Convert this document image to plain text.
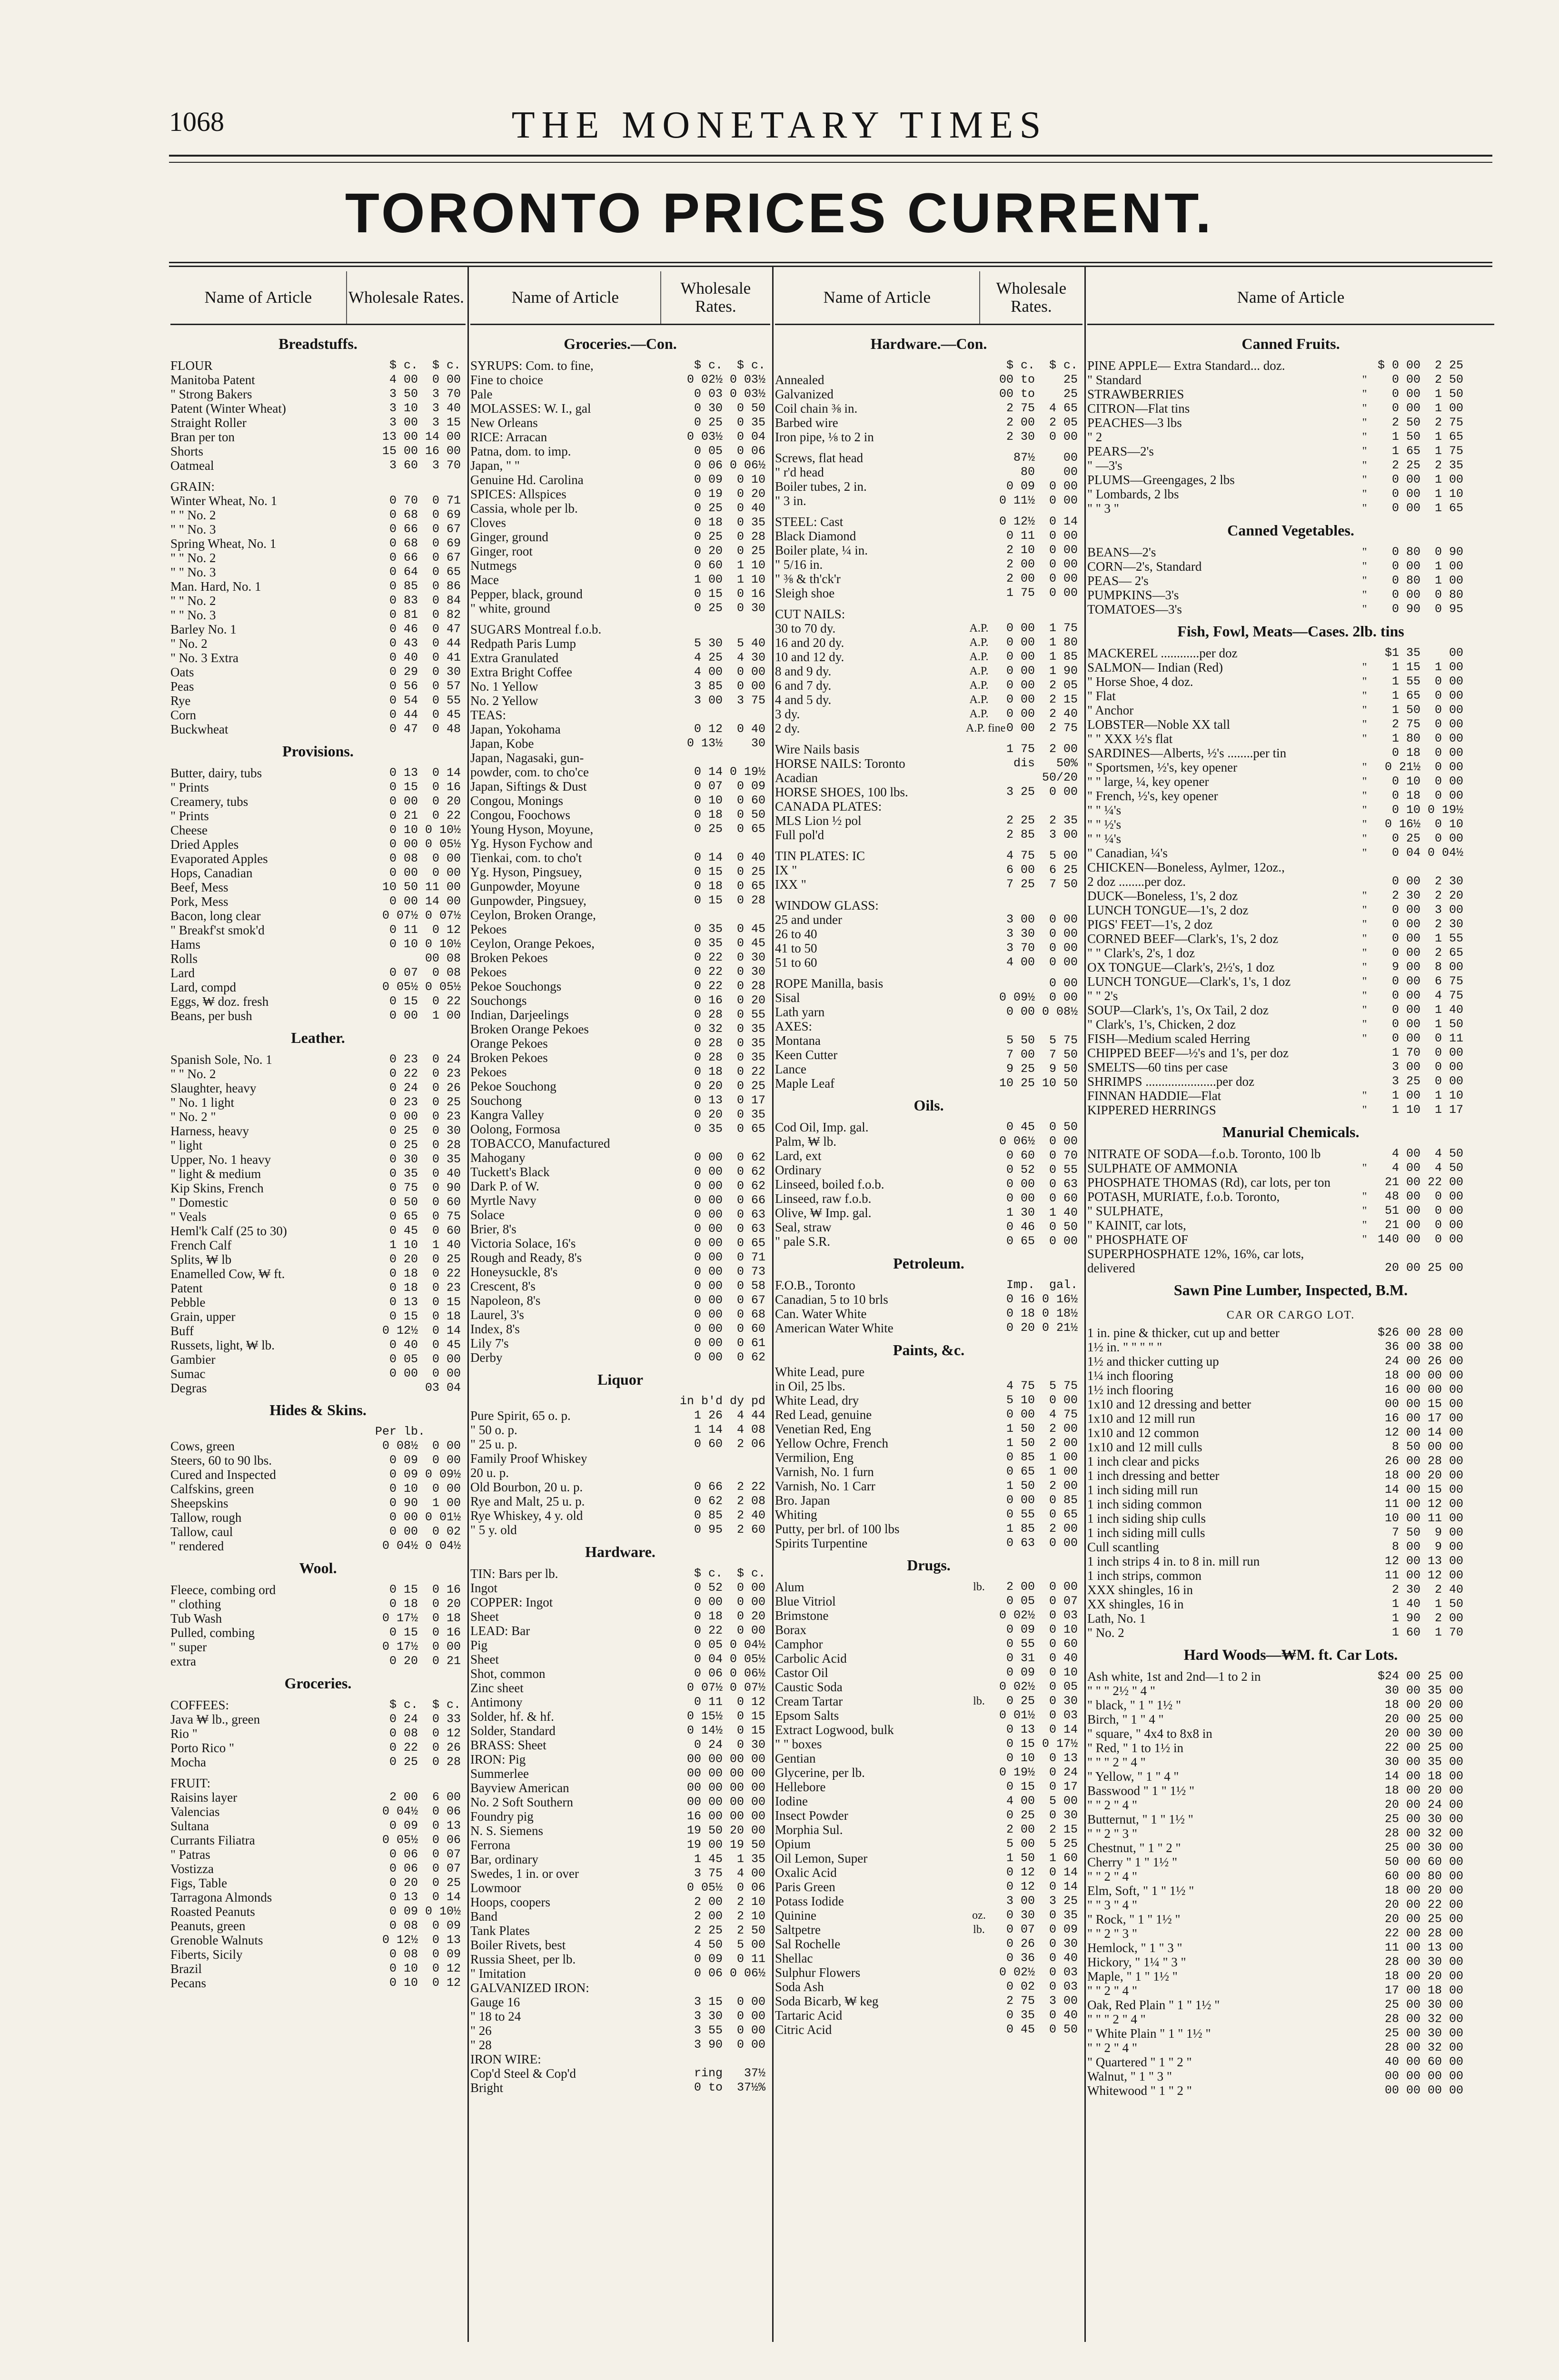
1068	THE MONETARY TIMES
TORONTO PRICES CURRENT.
Name of Article	Wholesale Rates.
Breadstuffs.
FLOUR	$ c.	$ c.
Manitoba Patent	4 00	0 00
" Strong Bakers	3 50	3 70
Patent (Winter Wheat)	3 10	3 40
Straight Roller	3 00	3 15
Bran per ton	13 00 14 00
Shorts	15 00 16 00
Oatmeal	3 60	3 70
GRAIN:
Winter Wheat, No. 1	0 70	0 71
" " No. 2	0 68	0 69
" " No. 3	0 66	0 67
Spring Wheat, No. 1	0 68	0 69
" " No. 2	0 66	0 67
" " No. 3	0 64	0 65
Man. Hard, No. 1	0 85	0 86
" " No. 2	0 83	0 84
" " No. 3	0 81	0 82
Barley No. 1	0 46	0 47
" No. 2	0 43	0 44
" No. 3 Extra	0 40	0 41
Oats	0 29	0 30
Peas	0 56	0 57
Rye	0 54	0 55
Corn	0 44	0 45
Buckwheat	0 47	0 48
Provisions.
Butter, dairy, tubs	0 13	0 14
" Prints	0 15	0 16
Creamery, tubs	0 00	0 20
" Prints	0 21	0 22
Cheese	0 10 0 10½
Dried Apples	0 00 0 05½
Evaporated Apples	0 08	0 00
Hops, Canadian	0 00	0 00
Beef, Mess	10 50 11 00
Pork, Mess	0 00 14 00
Bacon, long clear	0 07½ 0 07½
" Breakf'st smok'd	0 11	0 12
Hams	0 10 0 10½
Rolls	00 08
Lard	0 07	0 08
Lard, compd	0 05½ 0 05½
Eggs, ₩ doz. fresh	0 15	0 22
Beans, per bush	0 00	1 00
Leather.
Spanish Sole, No. 1	0 23	0 24
" " No. 2	0 22	0 23
Slaughter, heavy	0 24	0 26
" No. 1 light	0 23	0 25
" No. 2 "	0 00	0 23
Harness, heavy	0 25	0 30
" light	0 25	0 28
Upper, No. 1 heavy	0 30	0 35
" light & medium	0 35	0 40
Kip Skins, French	0 75	0 90
" Domestic	0 50	0 60
" Veals	0 65	0 75
Heml'k Calf (25 to 30)	0 45	0 60
French Calf	1 10	1 40
Splits, ₩ lb	0 20	0 25
Enamelled Cow, ₩ ft.	0 18	0 22
Patent	0 18	0 23
Pebble	0 13	0 15
Grain, upper	0 15	0 18
Buff	0 12½	0 14
Russets, light, ₩ lb.	0 40	0 45
Gambier	0 05	0 00
Sumac	0 00	0 00
Degras	03 04
Hides & Skins.
Per lb.
Cows, green	0 08½	0 00
Steers, 60 to 90 lbs.	0 09	0 00
Cured and Inspected	0 09 0 09½
Calfskins, green	0 10	0 00
Sheepskins	0 90	1 00
Tallow, rough	0 00 0 01½
Tallow, caul	0 00	0 02
" rendered	0 04½ 0 04½
Wool.
Fleece, combing ord	0 15	0 16
" clothing	0 18	0 20
Tub Wash	0 17½	0 18
Pulled, combing	0 15	0 16
" super	0 17½	0 00
extra	0 20	0 21
Groceries.
COFFEES:	$ c.	$ c.
Java ₩ lb., green	0 24	0 33
Rio "	0 08	0 12
Porto Rico "	0 22	0 26
Mocha	0 25	0 28
FRUIT:
Raisins layer	2 00	6 00
Valencias	0 04½	0 06
Sultana	0 09	0 13
Currants Filiatra	0 05½	0 06
" Patras	0 06	0 07
Vostizza	0 06	0 07
Figs, Table	0 20	0 25
Tarragona Almonds	0 13	0 14
Roasted Peanuts	0 09 0 10½
Peanuts, green	0 08	0 09
Grenoble Walnuts	0 12½	0 13
Fiberts, Sicily	0 08	0 09
Brazil	0 10	0 12
Pecans	0 10	0 12
Name of Article	Wholesale Rates.
Groceries.—Con.
SYRUPS: Com. to fine,	$ c.	$ c.
Fine to choice	0 02½ 0 03½
Pale	0 03 0 03½
MOLASSES: W. I., gal	0 30	0 50
New Orleans	0 25	0 35
RICE: Arracan	0 03½	0 04
Patna, dom. to imp.	0 05	0 06
Japan, " "	0 06 0 06½
Genuine Hd. Carolina	0 09	0 10
SPICES: Allspices	0 19	0 20
Cassia, whole per lb.	0 25	0 40
Cloves	0 18	0 35
Ginger, ground	0 25	0 28
Ginger, root	0 20	0 25
Nutmegs	0 60	1 10
Mace	1 00	1 10
Pepper, black, ground	0 15	0 16
" white, ground	0 25	0 30
SUGARS Montreal f.o.b.
Redpath Paris Lump	5 30	5 40
Extra Granulated	4 25	4 30
Extra Bright Coffee	4 00	0 00
No. 1 Yellow	3 85	0 00
No. 2 Yellow	3 00	3 75
TEAS:
Japan, Yokohama	0 12	0 40
Japan, Kobe	0 13½	30
Japan, Nagasaki, gun-
powder, com. to cho'ce	0 14 0 19½
Japan, Siftings & Dust	0 07	0 09
Congou, Monings	0 10	0 60
Congou, Foochows	0 18	0 50
Young Hyson, Moyune,	0 25	0 65
Yg. Hyson Fychow and
Tienkai, com. to cho't	0 14	0 40
Yg. Hyson, Pingsuey,	0 15	0 25
Gunpowder, Moyune	0 18	0 65
Gunpowder, Pingsuey,	0 15	0 28
Ceylon, Broken Orange,
Pekoes	0 35	0 45
Ceylon, Orange Pekoes,	0 35	0 45
Broken Pekoes	0 22	0 30
Pekoes	0 22	0 30
Pekoe Souchongs	0 22	0 28
Souchongs	0 16	0 20
Indian, Darjeelings	0 28	0 55
Broken Orange Pekoes	0 32	0 35
Orange Pekoes	0 28	0 35
Broken Pekoes	0 28	0 35
Pekoes	0 18	0 22
Pekoe Souchong	0 20	0 25
Souchong	0 13	0 17
Kangra Valley	0 20	0 35
Oolong, Formosa	0 35	0 65
TOBACCO, Manufactured
Mahogany	0 00	0 62
Tuckett's Black	0 00	0 62
Dark P. of W.	0 00	0 62
Myrtle Navy	0 00	0 66
Solace	0 00	0 63
Brier, 8's	0 00	0 63
Victoria Solace, 16's	0 00	0 65
Rough and Ready, 8's	0 00	0 71
Honeysuckle, 8's	0 00	0 73
Crescent, 8's	0 00	0 58
Napoleon, 8's	0 00	0 67
Laurel, 3's	0 00	0 68
Index, 8's	0 00	0 60
Lily 7's	0 00	0 61
Derby	0 00	0 62
Liquor
in b'd dy pd
Pure Spirit, 65 o. p.	1 26	4 44
" 50 o. p.	1 14	4 08
" 25 u. p.	0 60	2 06
Family Proof Whiskey
20 u. p.
Old Bourbon, 20 u. p.	0 66	2 22
Rye and Malt, 25 u. p.	0 62	2 08
Rye Whiskey, 4 y. old	0 85	2 40
" 5 y. old	0 95	2 60
Hardware.
TIN: Bars per lb.	$ c.	$ c.
Ingot	0 52	0 00
COPPER: Ingot	0 00	0 00
Sheet	0 18	0 20
LEAD: Bar	0 22	0 00
Pig	0 05 0 04½
Sheet	0 04 0 05½
Shot, common	0 06 0 06½
Zinc sheet	0 07½ 0 07½
Antimony	0 11	0 12
Solder, hf. & hf.	0 15½	0 15
Solder, Standard	0 14½	0 15
BRASS: Sheet	0 24	0 30
IRON: Pig	00 00 00 00
Summerlee	00 00 00 00
Bayview American	00 00 00 00
No. 2 Soft Southern	00 00 00 00
Foundry pig	16 00 00 00
N. S. Siemens	19 50 20 00
Ferrona	19 00 19 50
Bar, ordinary	1 45	1 35
Swedes, 1 in. or over	3 75	4 00
Lowmoor	0 05½	0 06
Hoops, coopers	2 00	2 10
Band	2 00	2 10
Tank Plates	2 25	2 50
Boiler Rivets, best	4 50	5 00
Russia Sheet, per lb.	0 09	0 11
" Imitation	0 06 0 06½
GALVANIZED IRON:
Gauge 16	3 15	0 00
" 18 to 24	3 30	0 00
" 26	3 55	0 00
" 28	3 90	0 00
IRON WIRE:
Cop'd Steel & Cop'd	ring	37½
Bright	0 to	37½%
Name of Article	Wholesale Rates.
Hardware.—Con.
$ c.	$ c.
Annealed	00 to	25
Galvanized	00 to	25
Coil chain ⅜ in.	2 75	4 65
Barbed wire	2 00	2 05
Iron pipe, ⅛ to 2 in	2 30	0 00
Screws, flat head	87½	00
" r'd head	80	00
Boiler tubes, 2 in.	0 09	0 00
" 3 in.	0 11½	0 00
STEEL: Cast	0 12½	0 14
Black Diamond	0 11	0 00
Boiler plate, ¼ in.	2 10	0 00
" 5/16 in.	2 00	0 00
" ⅜ & th'ck'r	2 00	0 00
Sleigh shoe	1 75	0 00
CUT NAILS:
30 to 70 dy.	A.P.	0 00	1 75
16 and 20 dy.	A.P.	0 00	1 80
10 and 12 dy.	A.P.	0 00	1 85
8 and 9 dy.	A.P.	0 00	1 90
6 and 7 dy.	A.P.	0 00	2 05
4 and 5 dy.	A.P.	0 00	2 15
3 dy.	A.P.	0 00	2 40
2 dy.	A.P. fine 0 00	2 75
Wire Nails basis	1 75	2 00
HORSE NAILS: Toronto	dis	50%
Acadian	50/20
HORSE SHOES, 100 lbs.	3 25	0 00
CANADA PLATES:
MLS Lion ½ pol	2 25	2 35
Full pol'd	2 85	3 00
TIN PLATES: IC	4 75	5 00
IX "	6 00	6 25
IXX "	7 25	7 50
WINDOW GLASS:
25 and under	3 00	0 00
26 to 40	3 30	0 00
41 to 50	3 70	0 00
51 to 60	4 00	0 00
ROPE Manilla, basis	0 00
Sisal	0 09½	0 00
Lath yarn	0 00 0 08½
AXES:
Montana	5 50	5 75
Keen Cutter	7 00	7 50
Lance	9 25	9 50
Maple Leaf	10 25 10 50
Oils.
Cod Oil, Imp. gal.	0 45	0 50
Palm, ₩ lb.	0 06½	0 00
Lard, ext	0 60	0 70
Ordinary	0 52	0 55
Linseed, boiled f.o.b.	0 00	0 63
Linseed, raw f.o.b.	0 00	0 60
Olive, ₩ Imp. gal.	1 30	1 40
Seal, straw	0 46	0 50
" pale S.R.	0 65	0 00
Petroleum.
F.O.B., Toronto	Imp.	gal.
Canadian, 5 to 10 brls	0 16 0 16½
Can. Water White	0 18 0 18½
American Water White	0 20 0 21½
Paints, &c.
White Lead, pure
in Oil, 25 lbs.	4 75	5 75
White Lead, dry	5 10	0 00
Red Lead, genuine	0 00	4 75
Venetian Red, Eng	1 50	2 00
Yellow Ochre, French	1 50	2 00
Vermilion, Eng	0 85	1 00
Varnish, No. 1 furn	0 65	1 00
Varnish, No. 1 Carr	1 50	2 00
Bro. Japan	0 00	0 85
Whiting	0 55	0 65
Putty, per brl. of 100 lbs	1 85	2 00
Spirits Turpentine	0 63	0 00
Drugs.
Alum	lb.	2 00	0 00
Blue Vitriol	0 05	0 07
Brimstone	0 02½	0 03
Borax	0 09	0 10
Camphor	0 55	0 60
Carbolic Acid	0 31	0 40
Castor Oil	0 09	0 10
Caustic Soda	0 02½	0 05
Cream Tartar	lb.	0 25	0 30
Epsom Salts	0 01½	0 03
Extract Logwood, bulk	0 13	0 14
" " boxes	0 15 0 17½
Gentian	0 10	0 13
Glycerine, per lb.	0 19½	0 24
Hellebore	0 15	0 17
Iodine	4 00	5 00
Insect Powder	0 25	0 30
Morphia Sul.	2 00	2 15
Opium	5 00	5 25
Oil Lemon, Super	1 50	1 60
Oxalic Acid	0 12	0 14
Paris Green	0 12	0 14
Potass Iodide	3 00	3 25
Quinine	oz.	0 30	0 35
Saltpetre	lb.	0 07	0 09
Sal Rochelle	0 26	0 30
Shellac	0 36	0 40
Sulphur Flowers	0 02½	0 03
Soda Ash	0 02	0 03
Soda Bicarb, ₩ keg	2 75	3 00
Tartaric Acid	0 35	0 40
Citric Acid	0 45	0 50
Name of Article
Canned Fruits.
PINE APPLE— Extra Standard... doz.	$ 0 00	2 25
" Standard	"	0 00	2 50
STRAWBERRIES	"	0 00	1 50
CITRON—Flat tins	"	0 00	1 00
PEACHES—3 lbs	"	2 50	2 75
" 2	"	1 50	1 65
PEARS—2's	"	1 65	1 75
" —3's	"	2 25	2 35
PLUMS—Greengages, 2 lbs	"	0 00	1 00
" Lombards, 2 lbs	"	0 00	1 10
" " 3 "	"	0 00	1 65
Canned Vegetables.
BEANS—2's	"	0 80	0 90
CORN—2's, Standard	"	0 00	1 00
PEAS— 2's	"	0 80	1 00
PUMPKINS—3's	"	0 00	0 80
TOMATOES—3's	"	0 90	0 95
Fish, Fowl, Meats—Cases. 2lb. tins
MACKEREL ............per doz	$1 35	00
SALMON— Indian (Red)	"	1 15	1 00
" Horse Shoe, 4 doz.	"	1 55	0 00
" Flat	"	1 65	0 00
" Anchor	"	1 50	0 00
LOBSTER—Noble XX tall	"	2 75	0 00
" " XXX ½'s flat	"	1 80	0 00
SARDINES—Alberts, ½'s ........per tin	0 18	0 00
" Sportsmen, ½'s, key opener	"	0 21½	0 00
" " large, ¼, key opener	"	0 10	0 00
" French, ½'s, key opener	"	0 18	0 00
" " ¼'s	"	0 10 0 19½
" " ½'s	"	0 16½	0 10
" " ¼'s	"	0 25	0 00
" Canadian, ¼'s	"	0 04 0 04½
CHICKEN—Boneless, Aylmer, 12oz.,
2 doz ........per doz.	0 00	2 30
DUCK—Boneless, 1's, 2 doz	"	2 30	2 20
LUNCH TONGUE—1's, 2 doz	"	0 00	3 00
PIGS' FEET—1's, 2 doz	"	0 00	2 30
CORNED BEEF—Clark's, 1's, 2 doz	"	0 00	1 55
" " Clark's, 2's, 1 doz	"	0 00	2 65
OX TONGUE—Clark's, 2½'s, 1 doz	"	9 00	8 00
LUNCH TONGUE—Clark's, 1's, 1 doz	"	0 00	6 75
" " 2's	"	0 00	4 75
SOUP—Clark's, 1's, Ox Tail, 2 doz	"	0 00	1 40
" Clark's, 1's, Chicken, 2 doz	"	0 00	1 50
FISH—Medium scaled Herring	"	0 00	0 11
CHIPPED BEEF—½'s and 1's, per doz	1 70	0 00
SMELTS—60 tins per case	3 00	0 00
SHRIMPS ......................per doz	3 25	0 00
FINNAN HADDIE—Flat	"	1 00	1 10
KIPPERED HERRINGS	"	1 10	1 17
Manurial Chemicals.
NITRATE OF SODA—f.o.b. Toronto, 100 lb	4 00	4 50
SULPHATE OF AMMONIA	"	4 00	4 50
PHOSPHATE THOMAS (Rd), car lots, per ton	21 00 22 00
POTASH, MURIATE, f.o.b. Toronto,	"	48 00	0 00
" SULPHATE,	"	51 00	0 00
" KAINIT, car lots,	"	21 00	0 00
" PHOSPHATE OF	" 140 00	0 00
SUPERPHOSPHATE 12%, 16%, car lots,
delivered	20 00 25 00
Sawn Pine Lumber, Inspected, B.M.
CAR OR CARGO LOT.
1 in. pine & thicker, cut up and better	$26 00 28 00
1½ in. " " " " "	36 00 38 00
1½ and thicker cutting up	24 00 26 00
1¼ inch flooring	18 00 00 00
1½ inch flooring	16 00 00 00
1x10 and 12 dressing and better	00 00 15 00
1x10 and 12 mill run	16 00 17 00
1x10 and 12 common	12 00 14 00
1x10 and 12 mill culls	8 50 00 00
1 inch clear and picks	26 00 28 00
1 inch dressing and better	18 00 20 00
1 inch siding mill run	14 00 15 00
1 inch siding common	11 00 12 00
1 inch siding ship culls	10 00 11 00
1 inch siding mill culls	7 50	9 00
Cull scantling	8 00	9 00
1 inch strips 4 in. to 8 in. mill run	12 00 13 00
1 inch strips, common	11 00 12 00
XXX shingles, 16 in	2 30	2 40
XX shingles, 16 in	1 40	1 50
Lath, No. 1	1 90	2 00
" No. 2	1 60	1 70
Hard Woods—₩M. ft. Car Lots.
Ash white, 1st and 2nd—1 to 2 in	$24 00 25 00
" " " 2½ " 4 "	30 00 35 00
" black, " 1 " 1½ "	18 00 20 00
Birch, " 1 " 4 "	20 00 25 00
" square, " 4x4 to 8x8 in	20 00 30 00
" Red, " 1 to 1½ in	22 00 25 00
" " " 2 " 4 "	30 00 35 00
" Yellow, " 1 " 4 "	14 00 18 00
Basswood " 1 " 1½ "	18 00 20 00
" " 2 " 4 "	20 00 24 00
Butternut, " 1 " 1½ "	25 00 30 00
" " 2 " 3 "	28 00 32 00
Chestnut, " 1 " 2 "	25 00 30 00
Cherry " 1 " 1½ "	50 00 60 00
" " 2 " 4 "	60 00 80 00
Elm, Soft, " 1 " 1½ "	18 00 20 00
" " 3 " 4 "	20 00 22 00
" Rock, " 1 " 1½ "	20 00 25 00
" " 2 " 3 "	22 00 28 00
Hemlock, " 1 " 3 "	11 00 13 00
Hickory, " 1¼ " 3 "	28 00 30 00
Maple, " 1 " 1½ "	18 00 20 00
" " 2 " 4 "	17 00 18 00
Oak, Red Plain " 1 " 1½ "	25 00 30 00
" " " 2 " 4 "	28 00 32 00
" White Plain " 1 " 1½ "	25 00 30 00
" " 2 " 4 "	28 00 32 00
" Quartered " 1 " 2 "	40 00 60 00
Walnut, " 1 " 3 "	00 00 00 00
Whitewood " 1 " 2 "	00 00 00 00
